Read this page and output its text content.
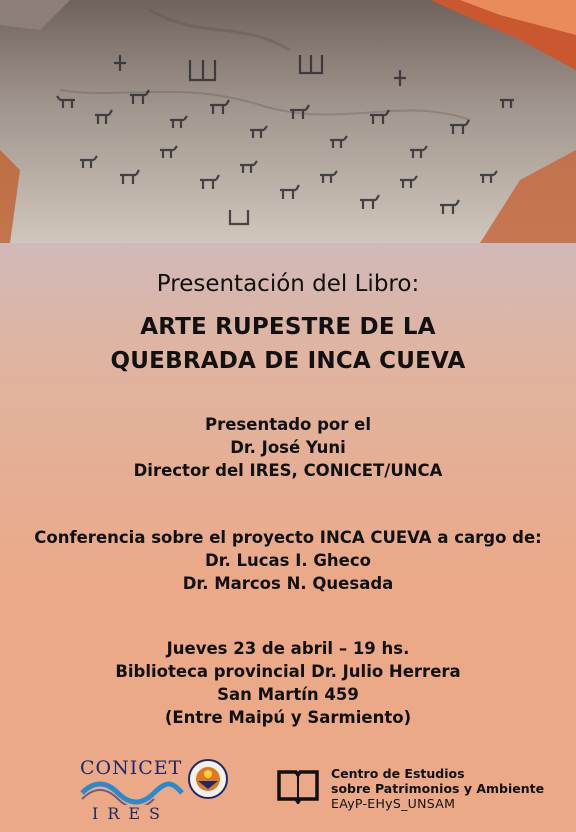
Presentación del Libro:
ARTE RUPESTRE DE LA
QUEBRADA DE INCA CUEVA
Presentado por el
Dr. José Yuni
Director del IRES, CONICET/UNCA
Conferencia sobre el proyecto INCA CUEVA a cargo de:
Dr. Lucas I. Gheco
Dr. Marcos N. Quesada
Jueves 23 de abril – 19 hs.
Biblioteca provincial Dr. Julio Herrera
San Martín 459
(Entre Maipú y Sarmiento)
CONICET
IRES
Centro de Estudios
sobre Patrimonios y Ambiente
EAyP-EHyS_UNSAM
